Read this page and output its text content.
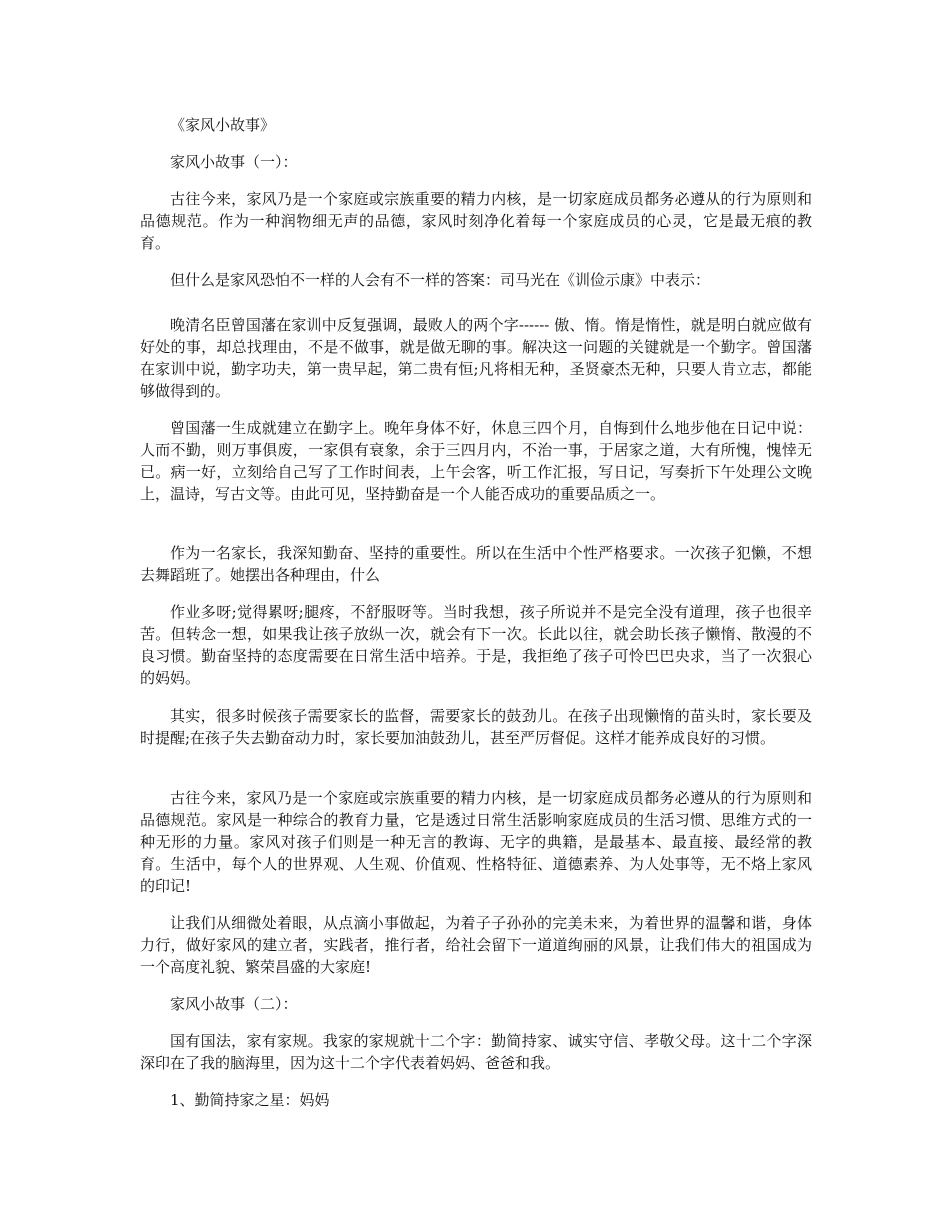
《家风小故事》

家风小故事（一）：

古往今来，家风乃是一个家庭或宗族重要的精力内核，是一切家庭成员都务必遵从的行为原则和品德规范。作为一种润物细无声的品德，家风时刻净化着每一个家庭成员的心灵，它是最无痕的教育。

但什么是家风恐怕不一样的人会有不一样的答案：司马光在《训俭示康》中表示：

晚清名臣曾国藩在家训中反复强调，最败人的两个字------ 傲、惰。惰是惰性，就是明白就应做有好处的事，却总找理由，不是不做事，就是做无聊的事。解决这一问题的关键就是一个勤字。曾国藩在家训中说，勤字功夫，第一贵早起，第二贵有恒;凡将相无种，圣贤豪杰无种，只要人肯立志，都能够做得到的。

曾国藩一生成就建立在勤字上。晚年身体不好，休息三四个月，自悔到什么地步他在日记中说：人而不勤，则万事俱废，一家俱有衰象，余于三四月内，不治一事，于居家之道，大有所愧，愧悻无已。病一好，立刻给自己写了工作时间表，上午会客，听工作汇报，写日记，写奏折下午处理公文晚上，温诗，写古文等。由此可见，坚持勤奋是一个人能否成功的重要品质之一。

作为一名家长，我深知勤奋、坚持的重要性。所以在生活中个性严格要求。一次孩子犯懒，不想去舞蹈班了。她摆出各种理由，什么

作业多呀;觉得累呀;腿疼，不舒服呀等。当时我想，孩子所说并不是完全没有道理，孩子也很辛苦。但转念一想，如果我让孩子放纵一次，就会有下一次。长此以往，就会助长孩子懒惰、散漫的不良习惯。勤奋坚持的态度需要在日常生活中培养。于是，我拒绝了孩子可怜巴巴央求，当了一次狠心的妈妈。

其实，很多时候孩子需要家长的监督，需要家长的鼓劲儿。在孩子出现懒惰的苗头时，家长要及时提醒;在孩子失去勤奋动力时，家长要加油鼓劲儿，甚至严厉督促。这样才能养成良好的习惯。

古往今来，家风乃是一个家庭或宗族重要的精力内核，是一切家庭成员都务必遵从的行为原则和品德规范。家风是一种综合的教育力量，它是透过日常生活影响家庭成员的生活习惯、思维方式的一种无形的力量。家风对孩子们则是一种无言的教诲、无字的典籍，是最基本、最直接、最经常的教育。生活中，每个人的世界观、人生观、价值观、性格特征、道德素养、为人处事等，无不烙上家风的印记!

让我们从细微处着眼，从点滴小事做起，为着子子孙孙的完美未来，为着世界的温馨和谐，身体力行，做好家风的建立者，实践者，推行者，给社会留下一道道绚丽的风景，让我们伟大的祖国成为一个高度礼貌、繁荣昌盛的大家庭!

家风小故事（二）：

国有国法，家有家规。我家的家规就十二个字：勤简持家、诚实守信、孝敬父母。这十二个字深深印在了我的脑海里，因为这十二个字代表着妈妈、爸爸和我。

1、勤简持家之星：妈妈
